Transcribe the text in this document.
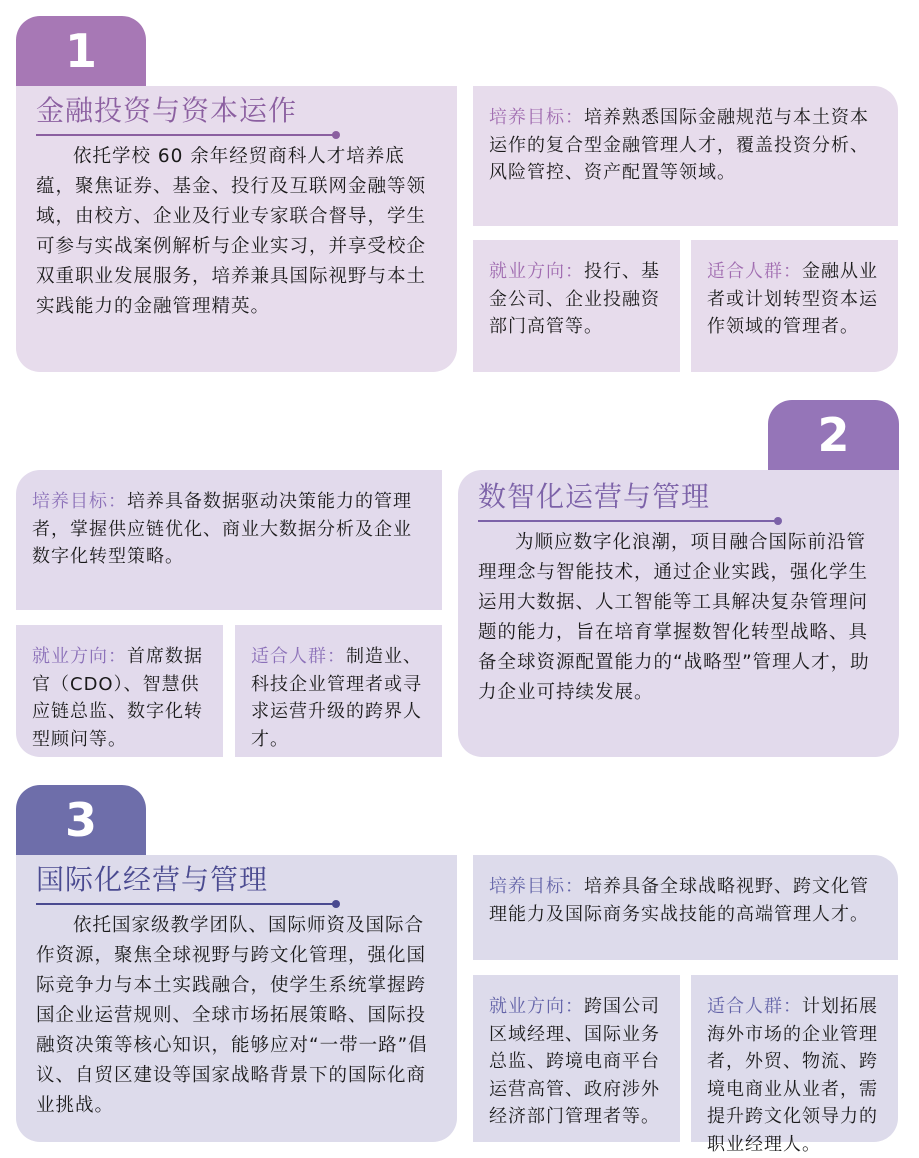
1
金融投资与资本运作
依托学校 60 余年经贸商科人才培养底蕴，聚焦证券、基金、投行及互联网金融等领域，由校方、企业及行业专家联合督导，学生可参与实战案例解析与企业实习，并享受校企双重职业发展服务，培养兼具国际视野与本土实践能力的金融管理精英。
培养目标：培养熟悉国际金融规范与本土资本运作的复合型金融管理人才，覆盖投资分析、风险管控、资产配置等领域。
就业方向：投行、基金公司、企业投融资部门高管等。
适合人群：金融从业者或计划转型资本运作领域的管理者。
2
培养目标：培养具备数据驱动决策能力的管理者，掌握供应链优化、商业大数据分析及企业数字化转型策略。
就业方向：首席数据官（CDO）、智慧供应链总监、数字化转型顾问等。
适合人群：制造业、科技企业管理者或寻求运营升级的跨界人才。
数智化运营与管理
为顺应数字化浪潮，项目融合国际前沿管理理念与智能技术，通过企业实践，强化学生运用大数据、人工智能等工具解决复杂管理问题的能力，旨在培育掌握数智化转型战略、具备全球资源配置能力的“战略型”管理人才，助力企业可持续发展。
3
国际化经营与管理
依托国家级教学团队、国际师资及国际合作资源，聚焦全球视野与跨文化管理，强化国际竞争力与本土实践融合，使学生系统掌握跨国企业运营规则、全球市场拓展策略、国际投融资决策等核心知识，能够应对“一带一路”倡议、自贸区建设等国家战略背景下的国际化商业挑战。
培养目标：培养具备全球战略视野、跨文化管理能力及国际商务实战技能的高端管理人才。
就业方向：跨国公司区域经理、国际业务总监、跨境电商平台运营高管、政府涉外经济部门管理者等。
适合人群：计划拓展海外市场的企业管理者，外贸、物流、跨境电商业从业者，需提升跨文化领导力的职业经理人。
